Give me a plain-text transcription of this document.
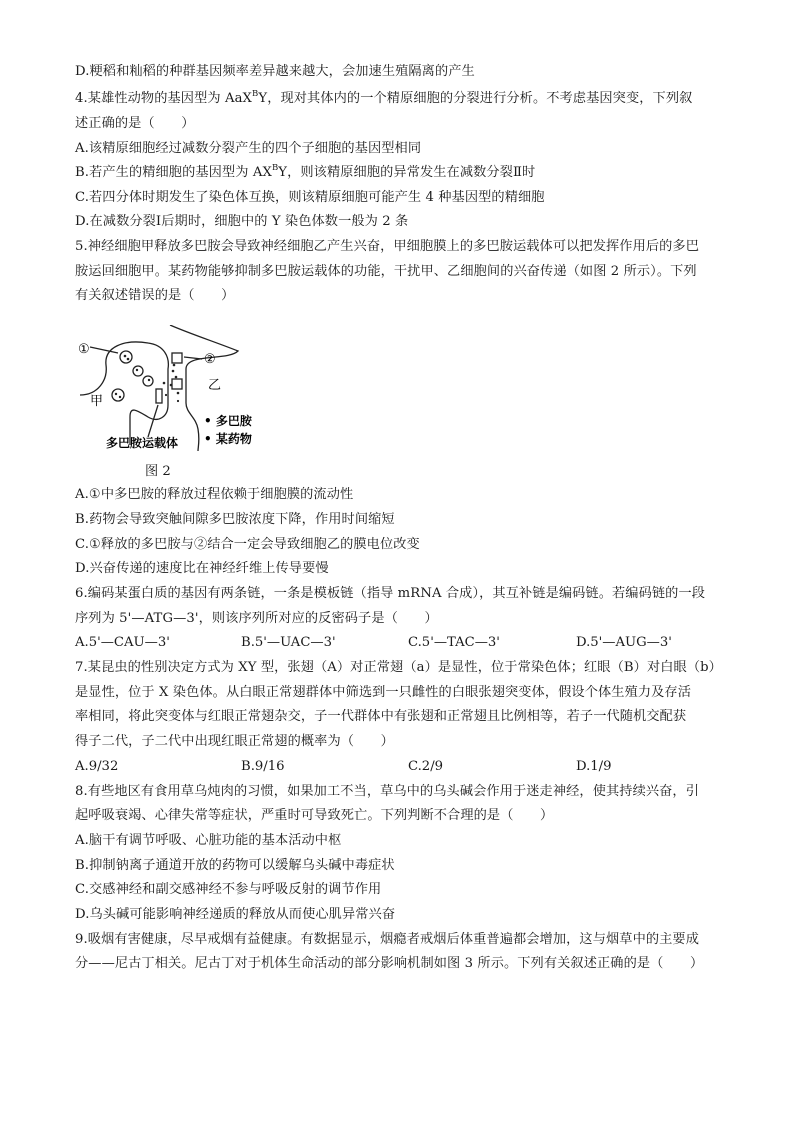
D.粳稻和籼稻的种群基因频率差异越来越大，会加速生殖隔离的产生
4.某雄性动物的基因型为 AaX$^B$Y，现对其体内的一个精原细胞的分裂进行分析。不考虑基因突变，下列叙
述正确的是（　　）
A.该精原细胞经过减数分裂产生的四个子细胞的基因型相同
B.若产生的精细胞的基因型为 $AX^BY$，则该精原细胞的异常发生在减数分裂Ⅱ时
C.若四分体时期发生了染色体互换，则该精原细胞可能产生 4 种基因型的精细胞
D.在减数分裂Ⅰ后期时，细胞中的 Y 染色体数一般为 2 条
5.神经细胞甲释放多巴胺会导致神经细胞乙产生兴奋，甲细胞膜上的多巴胺运载体可以把发挥作用后的多巴
胺运回细胞甲。某药物能够抑制多巴胺运载体的功能，干扰甲、乙细胞间的兴奋传递（如图 2 所示）。下列
有关叙述错误的是（　　）
①
②
甲
乙
• 多巴胺
• 某药物
多巴胺运载体
图 2
A.①中多巴胺的释放过程依赖于细胞膜的流动性
B.药物会导致突触间隙多巴胺浓度下降，作用时间缩短
C.①释放的多巴胺与②结合一定会导致细胞乙的膜电位改变
D.兴奋传递的速度比在神经纤维上传导要慢
6.编码某蛋白质的基因有两条链，一条是模板链（指导 mRNA 合成），其互补链是编码链。若编码链的一段
序列为 5'—ATG—3'，则该序列所对应的反密码子是（　　）
A.5'—CAU—3'	B.5'—UAC—3'	C.5'—TAC—3'	D.5'—AUG—3'
7.某昆虫的性别决定方式为 XY 型，张翅（A）对正常翅（a）是显性，位于常染色体；红眼（B）对白眼（b）
是显性，位于 X 染色体。从白眼正常翅群体中筛选到一只雌性的白眼张翅突变体，假设个体生殖力及存活
率相同，将此突变体与红眼正常翅杂交，子一代群体中有张翅和正常翅且比例相等，若子一代随机交配获
得子二代，子二代中出现红眼正常翅的概率为（　　）
A.9/32	B.9/16	C.2/9	D.1/9
8.有些地区有食用草乌炖肉的习惯，如果加工不当，草乌中的乌头碱会作用于迷走神经，使其持续兴奋，引
起呼吸衰竭、心律失常等症状，严重时可导致死亡。下列判断不合理的是（　　）
A.脑干有调节呼吸、心脏功能的基本活动中枢
B.抑制钠离子通道开放的药物可以缓解乌头碱中毒症状
C.交感神经和副交感神经不参与呼吸反射的调节作用
D.乌头碱可能影响神经递质的释放从而使心肌异常兴奋
9.吸烟有害健康，尽早戒烟有益健康。有数据显示，烟瘾者戒烟后体重普遍都会增加，这与烟草中的主要成
分——尼古丁相关。尼古丁对于机体生命活动的部分影响机制如图 3 所示。下列有关叙述正确的是（　　）
